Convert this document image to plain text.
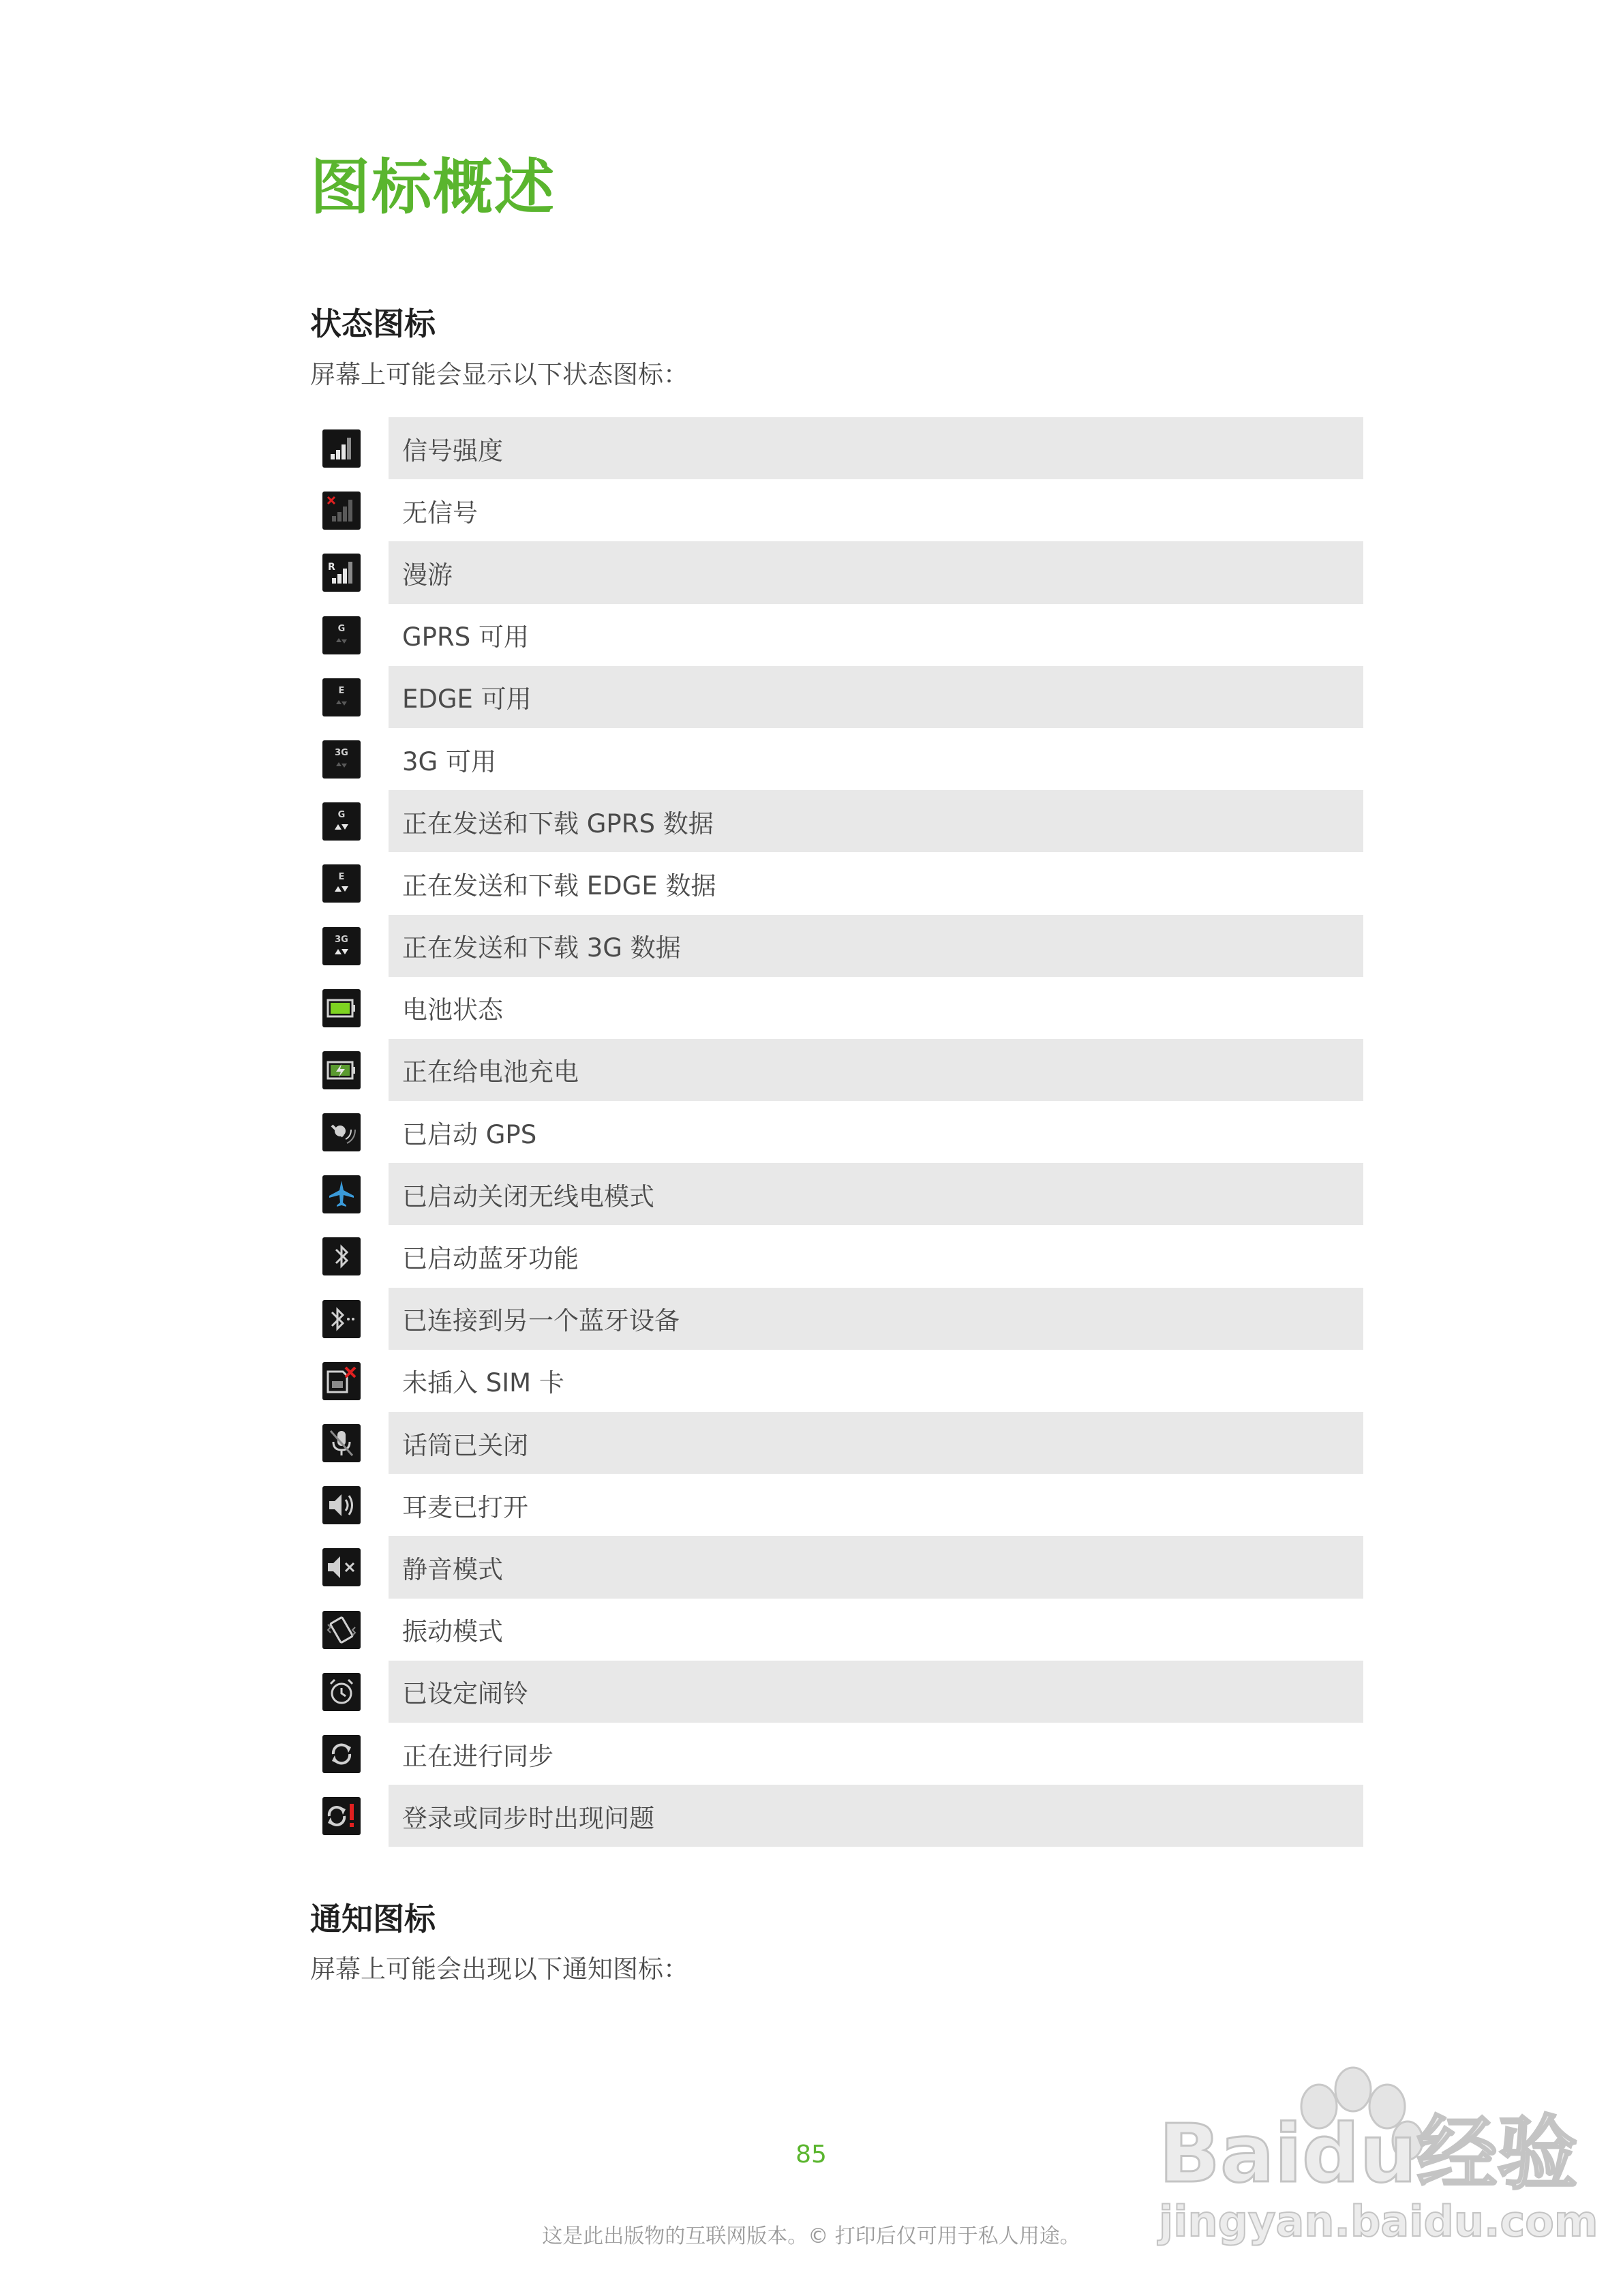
图标概述
状态图标

屏幕上可能会显示以下状态图标：

信号强度
无信号
R	漫游
G	GPRS 可用
E	EDGE 可用
3G	3G 可用
G	正在发送和下载 GPRS 数据
E	正在发送和下载 EDGE 数据
3G	正在发送和下载 3G 数据
电池状态
正在给电池充电
已启动 GPS
已启动关闭无线电模式
已启动蓝牙功能
已连接到另一个蓝牙设备
未插入 SIM 卡
话筒已关闭
耳麦已打开
静音模式
振动模式
已设定闹铃
正在进行同步
登录或同步时出现问题
通知图标

屏幕上可能会出现以下通知图标：

85

这是此出版物的互联网版本。© 打印后仅可用于私人用途。

Baidu经验
jingyan.baidu.com
